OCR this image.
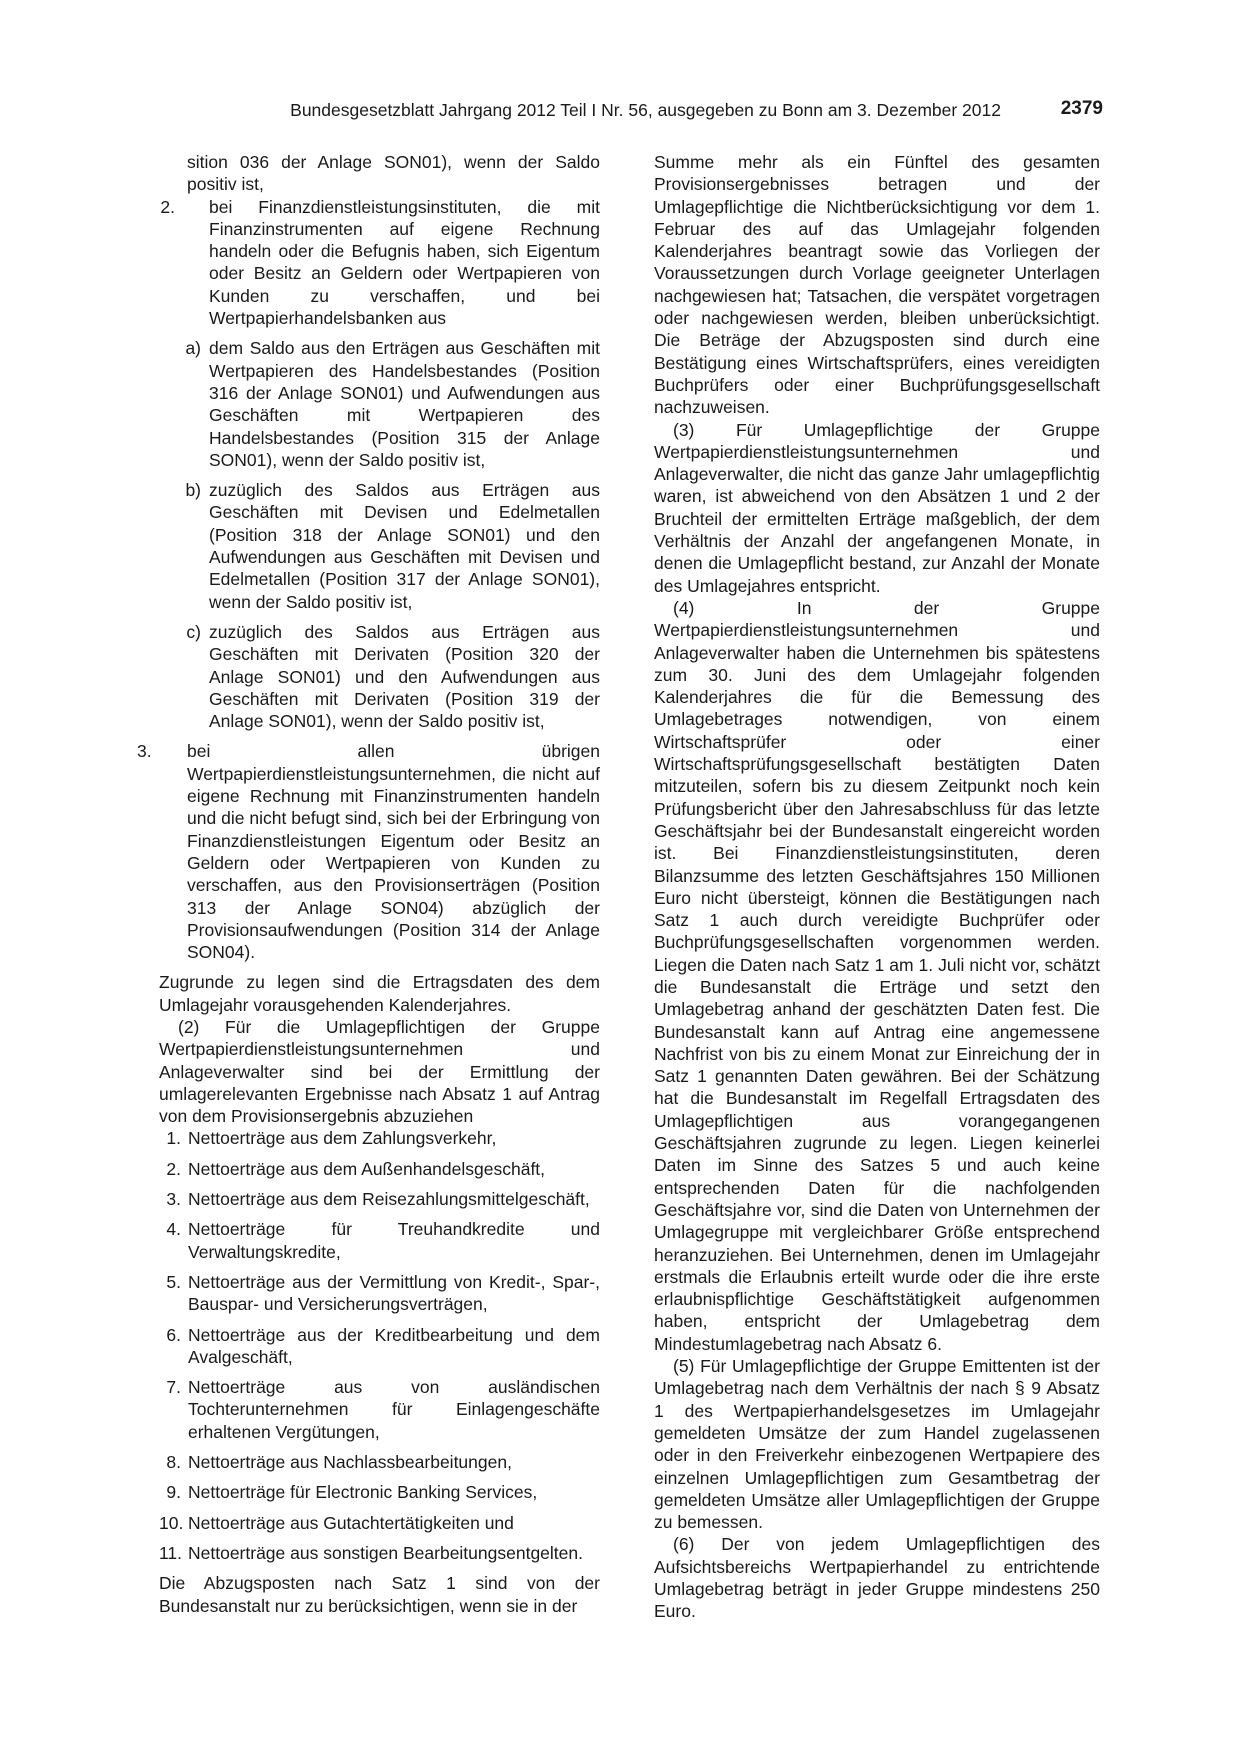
Bundesgesetzblatt Jahrgang 2012 Teil I Nr. 56, ausgegeben zu Bonn am 3. Dezember 2012	2379

sition 036 der Anlage SON01), wenn der Saldo positiv ist,

2.	bei Finanzdienstleistungsinstituten, die mit Finanzinstrumenten auf eigene Rechnung handeln oder die Befugnis haben, sich Eigentum oder Besitz an Geldern oder Wertpapieren von Kunden zu verschaffen, und bei Wertpapierhandelsbanken aus
a) dem Saldo aus den Erträgen aus Geschäften mit Wertpapieren des Handelsbestandes (Position 316 der Anlage SON01) und Aufwendungen aus Geschäften mit Wertpapieren des Handelsbestandes (Position 315 der Anlage SON01), wenn der Saldo positiv ist,
b) zuzüglich des Saldos aus Erträgen aus Geschäften mit Devisen und Edelmetallen (Position 318 der Anlage SON01) und den Aufwendungen aus Geschäften mit Devisen und Edelmetallen (Position 317 der Anlage SON01), wenn der Saldo positiv ist,
c) zuzüglich des Saldos aus Erträgen aus Geschäften mit Derivaten (Position 320 der Anlage SON01) und den Aufwendungen aus Geschäften mit Derivaten (Position 319 der Anlage SON01), wenn der Saldo positiv ist,
3.	bei allen übrigen Wertpapierdienstleistungsunternehmen, die nicht auf eigene Rechnung mit Finanzinstrumenten handeln und die nicht befugt sind, sich bei der Erbringung von Finanzdienstleistungen Eigentum oder Besitz an Geldern oder Wertpapieren von Kunden zu verschaffen, aus den Provisionserträgen (Position 313 der Anlage SON04) abzüglich der Provisionsaufwendungen (Position 314 der Anlage SON04).

Zugrunde zu legen sind die Ertragsdaten des dem Umlagejahr vorausgehenden Kalenderjahres.

(2) Für die Umlagepflichtigen der Gruppe Wertpapierdienstleistungsunternehmen und Anlageverwalter sind bei der Ermittlung der umlagerelevanten Ergebnisse nach Absatz 1 auf Antrag von dem Provisionsergebnis abzuziehen

1. Nettoerträge aus dem Zahlungsverkehr,
2. Nettoerträge aus dem Außenhandelsgeschäft,
3. Nettoerträge aus dem Reisezahlungsmittelgeschäft,
4. Nettoerträge für Treuhandkredite und Verwaltungskredite,
5. Nettoerträge aus der Vermittlung von Kredit-, Spar-, Bauspar- und Versicherungsverträgen,
6. Nettoerträge aus der Kreditbearbeitung und dem Avalgeschäft,
7. Nettoerträge aus von ausländischen Tochterunternehmen für Einlagengeschäfte erhaltenen Vergütungen,
8. Nettoerträge aus Nachlassbearbeitungen,
9. Nettoerträge für Electronic Banking Services,
10. Nettoerträge aus Gutachtertätigkeiten und
11. Nettoerträge aus sonstigen Bearbeitungsentgelten.

Die Abzugsposten nach Satz 1 sind von der Bundesanstalt nur zu berücksichtigen, wenn sie in der

Summe mehr als ein Fünftel des gesamten Provisionsergebnisses betragen und der Umlagepflichtige die Nichtberücksichtigung vor dem 1. Februar des auf das Umlagejahr folgenden Kalenderjahres beantragt sowie das Vorliegen der Voraussetzungen durch Vorlage geeigneter Unterlagen nachgewiesen hat; Tatsachen, die verspätet vorgetragen oder nachgewiesen werden, bleiben unberücksichtigt. Die Beträge der Abzugsposten sind durch eine Bestätigung eines Wirtschaftsprüfers, eines vereidigten Buchprüfers oder einer Buchprüfungsgesellschaft nachzuweisen.

(3) Für Umlagepflichtige der Gruppe Wertpapierdienstleistungsunternehmen und Anlageverwalter, die nicht das ganze Jahr umlagepflichtig waren, ist abweichend von den Absätzen 1 und 2 der Bruchteil der ermittelten Erträge maßgeblich, der dem Verhältnis der Anzahl der angefangenen Monate, in denen die Umlagepflicht bestand, zur Anzahl der Monate des Umlagejahres entspricht.

(4) In der Gruppe Wertpapierdienstleistungsunternehmen und Anlageverwalter haben die Unternehmen bis spätestens zum 30. Juni des dem Umlagejahr folgenden Kalenderjahres die für die Bemessung des Umlagebetrages notwendigen, von einem Wirtschaftsprüfer oder einer Wirtschaftsprüfungsgesellschaft bestätigten Daten mitzuteilen, sofern bis zu diesem Zeitpunkt noch kein Prüfungsbericht über den Jahresabschluss für das letzte Geschäftsjahr bei der Bundesanstalt eingereicht worden ist. Bei Finanzdienstleistungsinstituten, deren Bilanzsumme des letzten Geschäftsjahres 150 Millionen Euro nicht übersteigt, können die Bestätigungen nach Satz 1 auch durch vereidigte Buchprüfer oder Buchprüfungsgesellschaften vorgenommen werden. Liegen die Daten nach Satz 1 am 1. Juli nicht vor, schätzt die Bundesanstalt die Erträge und setzt den Umlagebetrag anhand der geschätzten Daten fest. Die Bundesanstalt kann auf Antrag eine angemessene Nachfrist von bis zu einem Monat zur Einreichung der in Satz 1 genannten Daten gewähren. Bei der Schätzung hat die Bundesanstalt im Regelfall Ertragsdaten des Umlagepflichtigen aus vorangegangenen Geschäftsjahren zugrunde zu legen. Liegen keinerlei Daten im Sinne des Satzes 5 und auch keine entsprechenden Daten für die nachfolgenden Geschäftsjahre vor, sind die Daten von Unternehmen der Umlagegruppe mit vergleichbarer Größe entsprechend heranzuziehen. Bei Unternehmen, denen im Umlagejahr erstmals die Erlaubnis erteilt wurde oder die ihre erste erlaubnispflichtige Geschäftstätigkeit aufgenommen haben, entspricht der Umlagebetrag dem Mindestumlagebetrag nach Absatz 6.

(5) Für Umlagepflichtige der Gruppe Emittenten ist der Umlagebetrag nach dem Verhältnis der nach § 9 Absatz 1 des Wertpapierhandelsgesetzes im Umlagejahr gemeldeten Umsätze der zum Handel zugelassenen oder in den Freiverkehr einbezogenen Wertpapiere des einzelnen Umlagepflichtigen zum Gesamtbetrag der gemeldeten Umsätze aller Umlagepflichtigen der Gruppe zu bemessen.

(6) Der von jedem Umlagepflichtigen des Aufsichtsbereichs Wertpapierhandel zu entrichtende Umlagebetrag beträgt in jeder Gruppe mindestens 250 Euro.
